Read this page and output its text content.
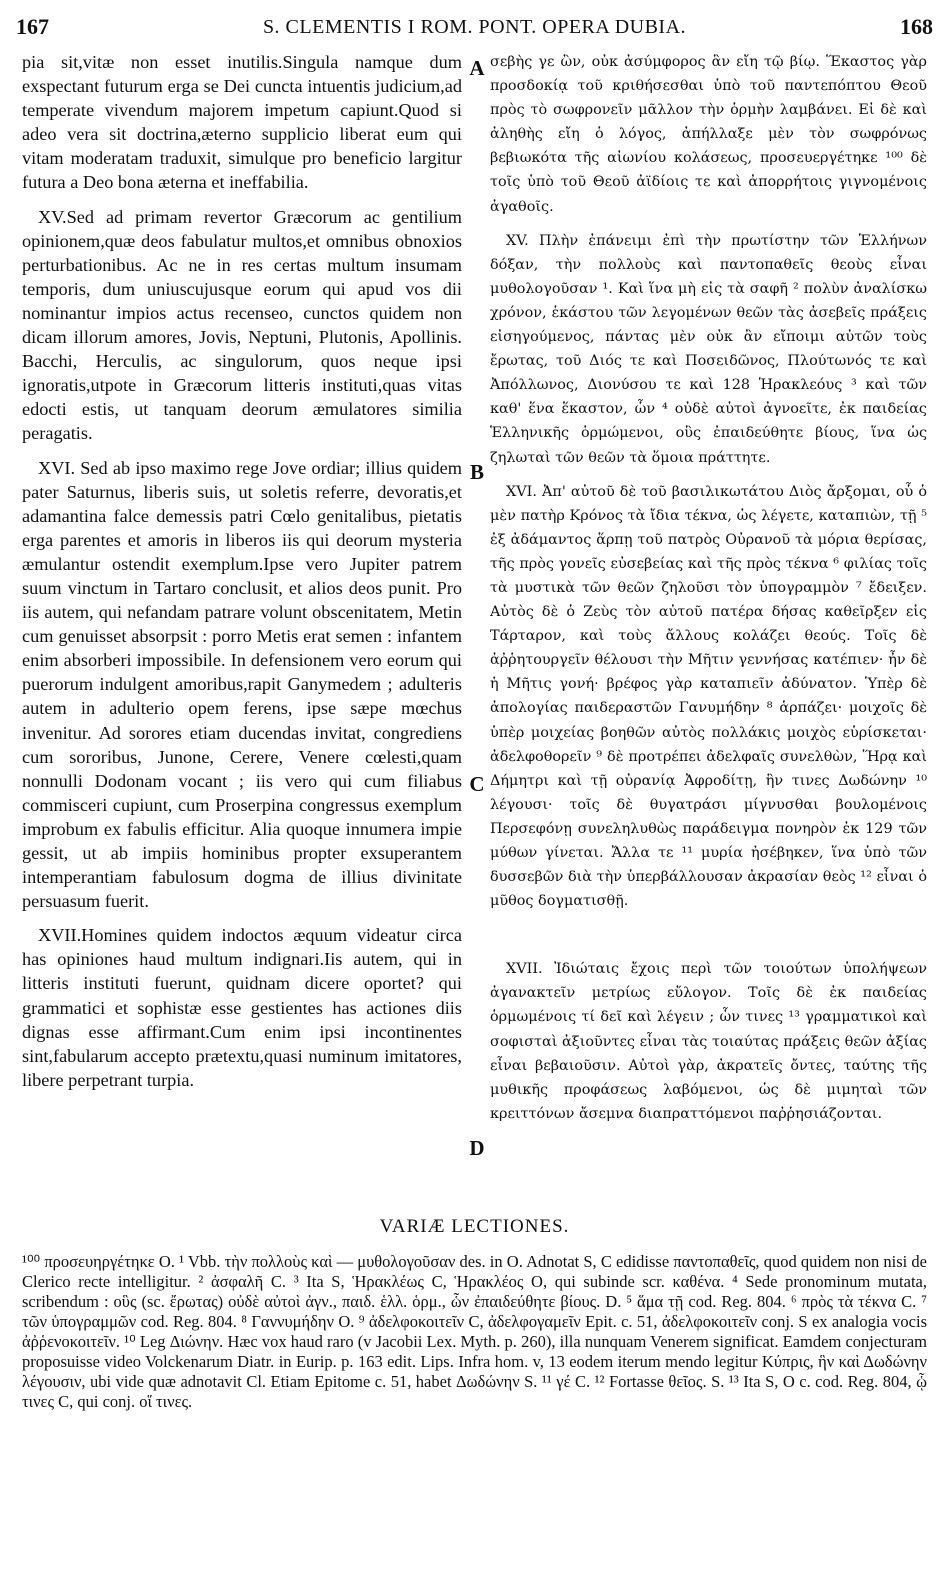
167	S. CLEMENTIS I ROM. PONT. OPERA DUBIA.	168

pia sit,vitæ non esset inutilis.Singula namque dum exspectant futurum erga se Dei cuncta intuentis judicium,ad temperate vivendum majorem impetum capiunt.Quod si adeo vera sit doctrina,æterno supplicio liberat eum qui vitam moderatam traduxit, simulque pro beneficio largitur futura a Deo bona æterna et ineffabilia.

XV.Sed ad primam revertor Græcorum ac gentilium opinionem,quæ deos fabulatur multos,et omnibus obnoxios perturbationibus. Ac ne in res certas multum insumam temporis, dum uniuscujusque eorum qui apud vos dii nominantur impios actus recenseo, cunctos quidem non dicam illorum amores, Jovis, Neptuni, Plutonis, Apollinis. Bacchi, Herculis, ac singulorum, quos neque ipsi ignoratis,utpote in Græcorum litteris instituti,quas vitas edocti estis, ut tanquam deorum æmulatores similia peragatis.

XVI. Sed ab ipso maximo rege Jove ordiar; illius quidem pater Saturnus, liberis suis, ut soletis referre, devoratis,et adamantina falce demessis patri Cœlo genitalibus, pietatis erga parentes et amoris in liberos iis qui deorum mysteria æmulantur ostendit exemplum.Ipse vero Jupiter patrem suum vinctum in Tartaro conclusit, et alios deos punit. Pro iis autem, qui nefandam patrare volunt obscenitatem, Metin cum genuisset absorpsit : porro Metis erat semen : infantem enim absorberi impossibile. In defensionem vero eorum qui puerorum indulgent amoribus,rapit Ganymedem ; adulteris autem in adulterio opem ferens, ipse sæpe mœchus invenitur. Ad sorores etiam ducendas invitat, congrediens cum sororibus, Junone, Cerere, Venere cœlesti,quam nonnulli Dodonam vocant ; iis vero qui cum filiabus commisceri cupiunt, cum Proserpina congressus exemplum improbum ex fabulis efficitur. Alia quoque innumera impie gessit, ut ab impiis hominibus propter exsuperantem intemperantiam fabulosum dogma de illius divinitate persuasum fuerit.

XVII.Homines quidem indoctos æquum videatur circa has opiniones haud multum indignari.Iis autem, qui in litteris instituti fuerunt, quidnam dicere oportet? qui grammatici et sophistæ esse gestientes has actiones diis dignas esse affirmant.Cum enim ipsi incontinentes sint,fabularum accepto prætextu,quasi numinum imitatores, libere perpetrant turpia.

A
B
C
D

σεβὴς γε ὢν, οὐκ ἀσύμφορος ἂν εἴη τῷ βίῳ. Ἕκαστος γὰρ προσδοκίᾳ τοῦ κριθήσεσθαι ὑπὸ τοῦ παντεπόπτου Θεοῦ πρὸς τὸ σωφρονεῖν μᾶλλον τὴν ὁρμὴν λαμβάνει. Εἰ δὲ καὶ ἀληθὴς εἴη ὁ λόγος, ἀπήλλαξε μὲν τὸν σωφρόνως βεβιωκότα τῆς αἰωνίου κολάσεως, προσευεργέτηκε ¹⁰⁰ δὲ τοῖς ὑπὸ τοῦ Θεοῦ ἀϊδίοις τε καὶ ἀπορρήτοις γιγνομένοις ἀγαθοῖς.

XV. Πλὴν ἐπάνειμι ἐπὶ τὴν πρωτίστην τῶν Ἑλλήνων δόξαν, τὴν πολλοὺς καὶ παντοπαθεῖς θεοὺς εἶναι μυθολογοῦσαν ¹. Καὶ ἵνα μὴ εἰς τὰ σαφῆ ² πολὺν ἀναλίσκω χρόνον, ἑκάστου τῶν λεγομένων θεῶν τὰς ἀσεβεῖς πράξεις εἰσηγούμενος, πάντας μὲν οὐκ ἂν εἴποιμι αὐτῶν τοὺς ἔρωτας, τοῦ Διός τε καὶ Ποσειδῶνος, Πλούτωνός τε καὶ Ἀπόλλωνος, Διονύσου τε καὶ 128 Ἡρακλεόυς ³ καὶ τῶν καθ' ἕνα ἕκαστον, ὧν ⁴ οὐδὲ αὐτοὶ ἀγνοεῖτε, ἐκ παιδείας Ἑλληνικῆς ὁρμώμενοι, οὓς ἐπαιδεύθητε βίους, ἵνα ὡς ζηλωταὶ τῶν θεῶν τὰ ὅμοια πράττητε.

XVI. Ἀπ' αὐτοῦ δὲ τοῦ βασιλικωτάτου Διὸς ἄρξομαι, οὗ ὁ μὲν πατὴρ Κρόνος τὰ ἴδια τέκνα, ὡς λέγετε, καταπιὼν, τῇ ⁵ ἐξ ἀδάμαντος ἅρπῃ τοῦ πατρὸς Οὐρανοῦ τὰ μόρια θερίσας, τῆς πρὸς γονεῖς εὐσεβείας καὶ τῆς πρὸς τέκνα ⁶ φιλίας τοῖς τὰ μυστικὰ τῶν θεῶν ζηλοῦσι τὸν ὑπογραμμὸν ⁷ ἔδειξεν. Αὐτὸς δὲ ὁ Ζεὺς τὸν αὐτοῦ πατέρα δήσας καθεῖρξεν εἰς Τάρταρον, καὶ τοὺς ἄλλους κολάζει θεούς. Τοῖς δὲ ἀῤῥητουργεῖν θέλουσι τὴν Μῆτιν γεννήσας κατέπιεν· ἦν δὲ ἡ Μῆτις γονή· βρέφος γὰρ καταπιεῖν ἀδύνατον. Ὑπὲρ δὲ ἀπολογίας παιδεραστῶν Γανυμήδην ⁸ ἁρπάζει· μοιχοῖς δὲ ὑπὲρ μοιχείας βοηθῶν αὐτὸς πολλάκις μοιχὸς εὑρίσκεται· ἀδελφοθορεῖν ⁹ δὲ προτρέπει ἀδελφαῖς συνελθὼν, Ἥρᾳ καὶ Δήμητρι καὶ τῇ οὐρανίᾳ Ἀφροδίτῃ, ἣν τινες Δωδώνην ¹⁰ λέγουσι· τοῖς δὲ θυγατράσι μίγνυσθαι βουλομένοις Περσεφόνῃ συνεληλυθὼς παράδειγμα πονηρὸν ἐκ 129 τῶν μύθων γίνεται. Ἄλλα τε ¹¹ μυρία ἠσέβηκεν, ἵνα ὑπὸ τῶν δυσσεβῶν διὰ τὴν ὑπερβάλλουσαν ἀκρασίαν θεὸς ¹² εἶναι ὁ μῦθος δογματισθῇ.

XVII. Ἰδιώταις ἔχοις περὶ τῶν τοιούτων ὑπολήψεων ἀγανακτεῖν μετρίως εὔλογον. Τοῖς δὲ ἐκ παιδείας ὁρμωμένοις τί δεῖ καὶ λέγειν ; ὧν τινες ¹³ γραμματικοὶ καὶ σοφισταὶ ἀξιοῦντες εἶναι τὰς τοιαύτας πράξεις θεῶν ἀξίας εἶναι βεβαιοῦσιν. Αὐτοὶ γὰρ, ἀκρατεῖς ὄντες, ταύτης τῆς μυθικῆς προφάσεως λαβόμενοι, ὡς δὲ μιμηταὶ τῶν κρειττόνων ἄσεμνα διαπραττόμενοι παῤῥησιάζονται.

VARIÆ LECTIONES.

¹⁰⁰ προσευηργέτηκε O. ¹ Vbb. τὴν πολλοὺς καὶ — μυθολογοῦσαν des. in O. Adnotat S, C edidisse παντοπαθεῖς, quod quidem non nisi de Clerico recte intelligitur. ² ἀσφαλῆ C. ³ Ita S, Ἡρακλέως C, Ἡρακλέος O, qui subinde scr. καθένα. ⁴ Sede pronominum mutata, scribendum : οὓς (sc. ἔρωτας) οὐδὲ αὐτοὶ ἀγν., παιδ. ἑλλ. ὁρμ., ὧν ἐπαιδεύθητε βίους. D. ⁵ ἅμα τῇ cod. Reg. 804. ⁶ πρὸς τὰ τέκνα C. ⁷ τῶν ὑπογραμμῶν cod. Reg. 804. ⁸ Γαννυμήδην O. ⁹ ἀδελφοκοιτεῖν C, ἀδελφογαμεῖν Epit. c. 51, ἀδελφοκοιτεῖν conj. S ex analogia vocis ἀῤῥενοκοιτεῖν. ¹⁰ Leg Διώνην. Hæc vox haud raro (v Jacobii Lex. Myth. p. 260), illa nunquam Venerem significat. Eamdem conjecturam proposuisse video Volckenarum Diatr. in Eurip. p. 163 edit. Lips. Infra hom. v, 13 eodem iterum mendo legitur Κύπρις, ἣν καὶ Δωδώνην λέγουσιν, ubi vide quæ adnotavit Cl. Etiam Epitome c. 51, habet Δωδώνην S. ¹¹ γέ C. ¹² Fortasse θεῖος. S. ¹³ Ita S, O c. cod. Reg. 804, ᾧ τινες C, qui conj. οἵ τινες.
